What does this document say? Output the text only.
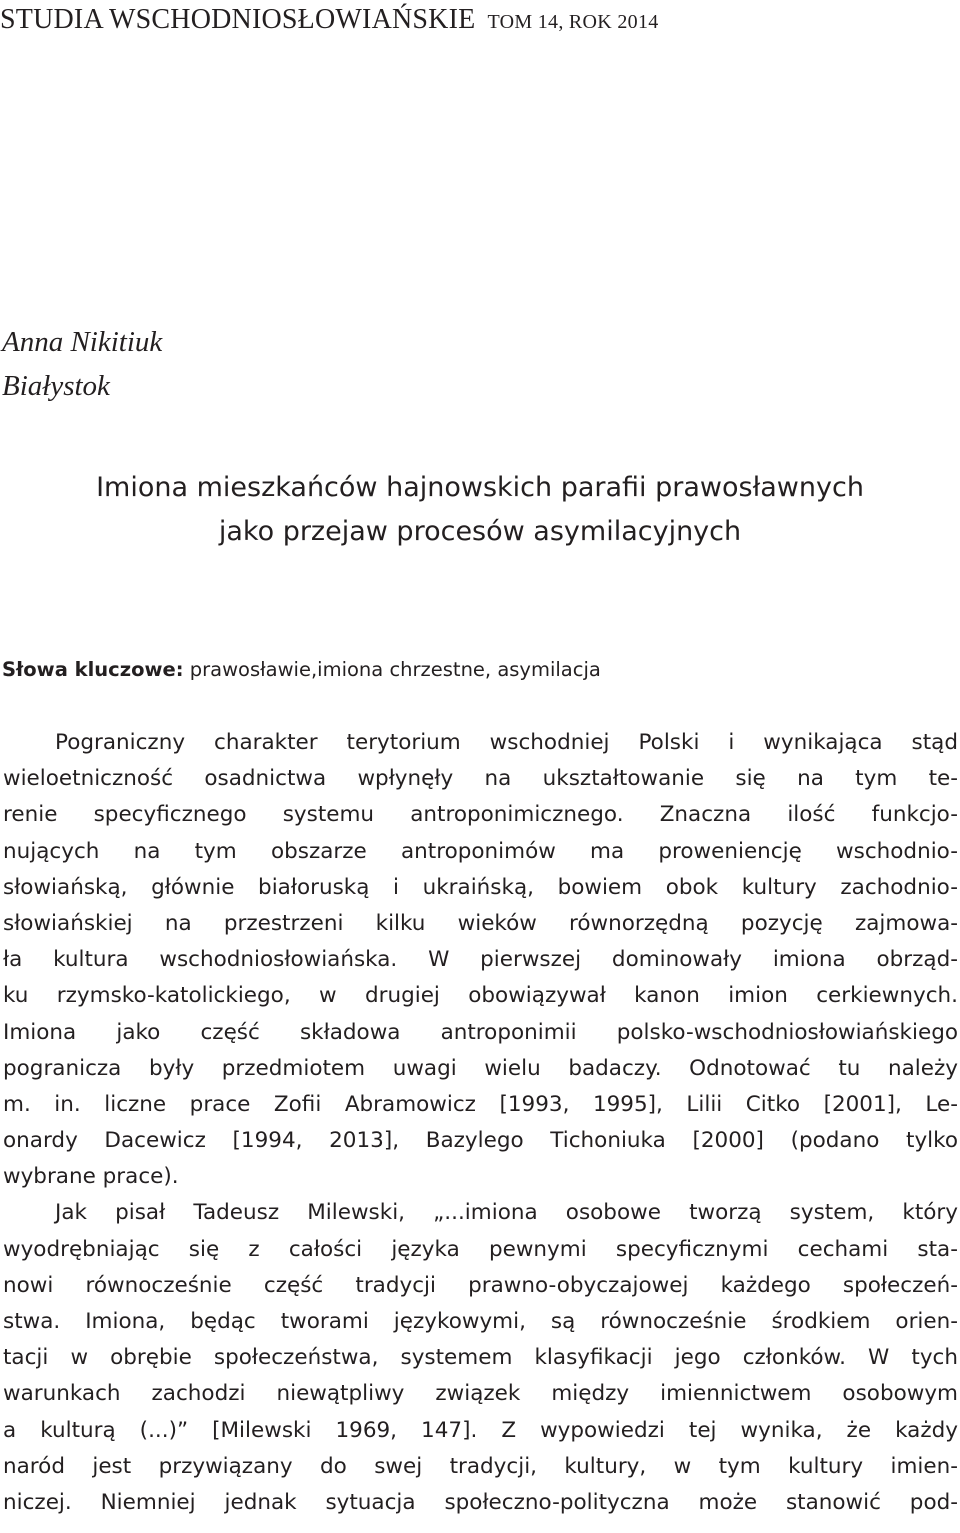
STUDIA WSCHODNIOSŁOWIAŃSKIE TOM 14, ROK 2014
Anna Nikitiuk
Białystok
Imiona mieszkańców hajnowskich parafii prawosławnych
jako przejaw procesów asymilacyjnych
Słowa kluczowe: prawosławie,imiona chrzestne, asymilacja
Pograniczny charakter terytorium wschodniej Polski i wynikająca stąd
wieloetniczność osadnictwa wpłynęły na ukształtowanie się na tym te-
renie specyficznego systemu antroponimicznego. Znaczna ilość funkcjo-
nujących na tym obszarze antroponimów ma proweniencję wschodnio-
słowiańską, głównie białoruską i ukraińską, bowiem obok kultury zachodnio-
słowiańskiej na przestrzeni kilku wieków równorzędną pozycję zajmowa-
ła kultura wschodniosłowiańska. W pierwszej dominowały imiona obrząd-
ku rzymsko-katolickiego, w drugiej obowiązywał kanon imion cerkiewnych.
Imiona jako część składowa antroponimii polsko-wschodniosłowiańskiego
pogranicza były przedmiotem uwagi wielu badaczy. Odnotować tu należy
m. in. liczne prace Zofii Abramowicz [1993, 1995], Lilii Citko [2001], Le-
onardy Dacewicz [1994, 2013], Bazylego Tichoniuka [2000] (podano tylko
wybrane prace).
Jak pisał Tadeusz Milewski, „...imiona osobowe tworzą system, który
wyodrębniając się z całości języka pewnymi specyficznymi cechami sta-
nowi równocześnie część tradycji prawno-obyczajowej każdego społeczeń-
stwa. Imiona, będąc tworami językowymi, są równocześnie środkiem orien-
tacji w obrębie społeczeństwa, systemem klasyfikacji jego członków. W tych
warunkach zachodzi niewątpliwy związek między imiennictwem osobowym
a kulturą (...)” [Milewski 1969, 147]. Z wypowiedzi tej wynika, że każdy
naród jest przywiązany do swej tradycji, kultury, w tym kultury imien-
niczej. Niemniej jednak sytuacja społeczno-polityczna może stanowić pod-
